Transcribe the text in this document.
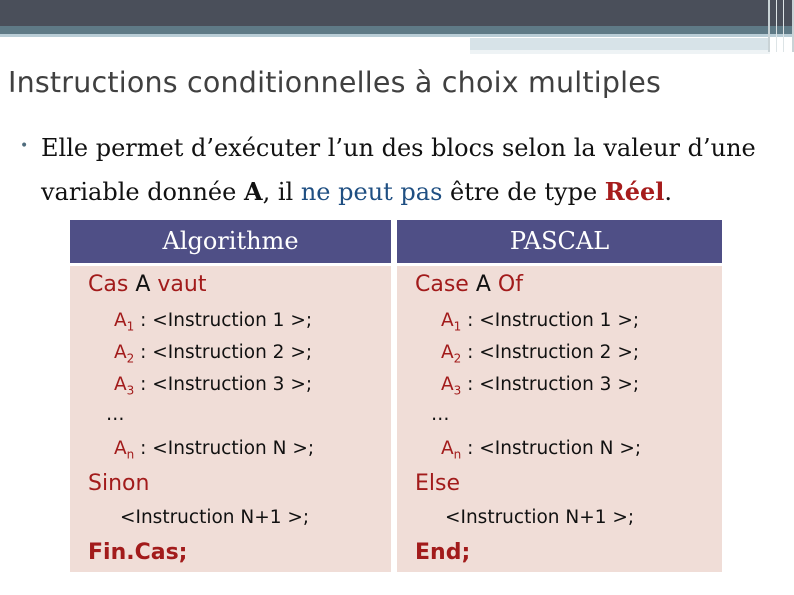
Instructions conditionnelles à choix multiples
• Elle permet d’exécuter l’un des blocs selon la valeur d’une variable donnée A, il ne peut pas être de type Réel.
Algorithme	PASCAL
Cas A vaut
$A_1$ : <Instruction 1 >;
$A_2$ : <Instruction 2 >;
$A_3$ : <Instruction 3 >;
…
$A_n$ : <Instruction N >;
Sinon
<Instruction N+1 >;
Fin.Cas;
Case A Of
$A_1$ : <Instruction 1 >;
$A_2$ : <Instruction 2 >;
$A_3$ : <Instruction 3 >;
…
$A_n$ : <Instruction N >;
Else
<Instruction N+1 >;
End;
